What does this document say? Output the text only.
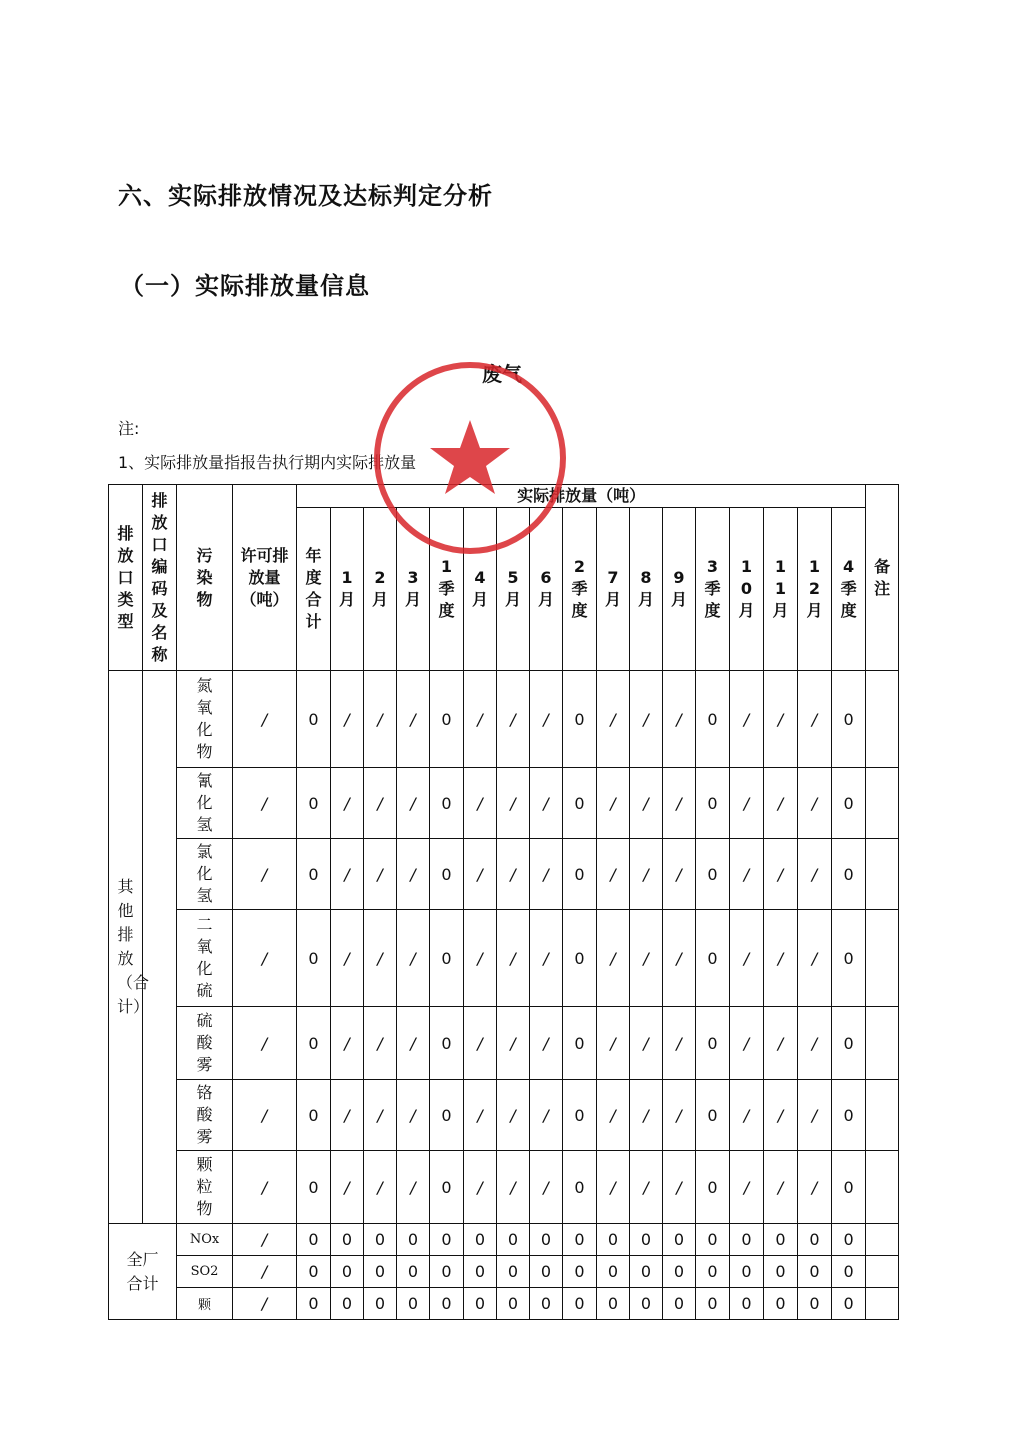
六、实际排放情况及达标判定分析
（一）实际排放量信息
废气
注:
1、实际排放量指报告执行期内实际排放量
排放口类型	排放口编码及名称	污染物	许可排放量（吨）	实际排放量（吨）																	备注
				年度合计	1月	2月	3月	1季度	4月	5月	6月	2季度	7月	8月	9月	3季度	10月	11月	12月	4季度	
其他排放（合计）		氮氧化物	/	0	/	/	/	0	/	/	/	0	/	/	/	0	/	/	/	0	
		氰化氢	/	0	/	/	/	0	/	/	/	0	/	/	/	0	/	/	/	0	
		氯化氢	/	0	/	/	/	0	/	/	/	0	/	/	/	0	/	/	/	0	
		二氧化硫	/	0	/	/	/	0	/	/	/	0	/	/	/	0	/	/	/	0	
		硫酸雾	/	0	/	/	/	0	/	/	/	0	/	/	/	0	/	/	/	0	
		铬酸雾	/	0	/	/	/	0	/	/	/	0	/	/	/	0	/	/	/	0	
		颗粒物	/	0	/	/	/	0	/	/	/	0	/	/	/	0	/	/	/	0	
全厂合计		NOx	/	0	0	0	0	0	0	0	0	0	0	0	0	0	0	0	0	0	
		SO2	/	0	0	0	0	0	0	0	0	0	0	0	0	0	0	0	0	0	
		颗	/	0	0	0	0	0	0	0	0	0	0	0	0	0	0	0	0	0	
